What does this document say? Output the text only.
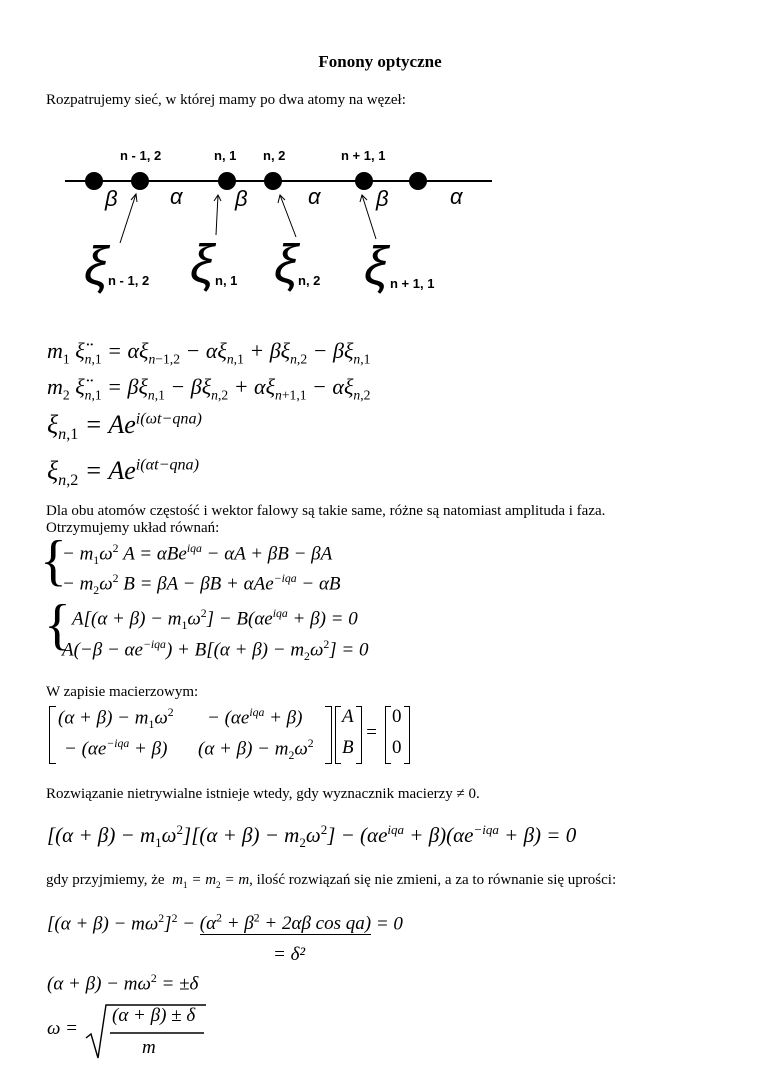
Fonony optyczne
Rozpatrujemy sieć, w której mamy po dwa atomy na węzeł:
n - 1, 2	n, 1 n, 2	n + 1, 1
β α β	α	β	α
ξ ξ ξ ξ
n - 1, 2	n, 1	n, 2	n + 1, 1
$m_1$ $\xï_{n,1} = \alpha\xi_{n-1,2} - \alpha\xi_{n,1} + \beta\xi_{n,2} - \beta\xi_{n,1}$
$m_2$ $\xï_{n,1} = \beta\xi_{n,1} - \beta\xi_{n,2} + \alpha\xi_{n+1,1} - \alpha\xi_{n,2}$
$\xi_{n,1} = Ae^{i(\omega t-qna)}$
$\xi_{n,2} = Ae^{i(\alpha t-qna)}$
Dla obu atomów częstość i wektor falowy są takie same, różne są natomiast amplituda i faza.
Otrzymujemy układ równań:
{
− $m_1\omega^2$ A = αBe$^{iqa}$ − αA + βB − βA
− $m_2\omega^2$ B = βA − βB + αAe$^{-iqa}$ − αB
{ $A[(\alpha + \beta) - m_1\omega^2] - B(\alpha e^{iqa} + \beta) = 0$
$A(-\beta - \alpha e^{-iqa}) + B[(\alpha + \beta) - m_2\omega^2] = 0$
W zapisie macierzowym:
$(\alpha + \beta) - m_1\omega^2 - (\alpha e^{iqa} + \beta)$
− $(\alpha e^{-iqa} + \beta) (\alpha + \beta) - m_2\omega^2$
A
B
=
0
0
Rozwiązanie nietrywialne istnieje wtedy, gdy wyznacznik macierzy ≠ 0.
$[(\alpha + \beta) - m_1\omega^2][(\alpha + \beta) - m_2\omega^2] - (\alpha e^{iqa} + \beta)(\alpha e^{-iqa} + \beta) = 0$
gdy przyjmiemy, że  $m_1 = m_2 = m$, ilość rozwiązań się nie zmieni, a za to równanie się uprości:
$[(\alpha + \beta) - m\omega^2]^2 - (\alpha^2 + \beta^2 + 2\alpha\beta$ cos qa) = 0
= δ²
$(\alpha + \beta) - m\omega^2 = \pm\delta$
ω =
(α + β) ± δ
m
